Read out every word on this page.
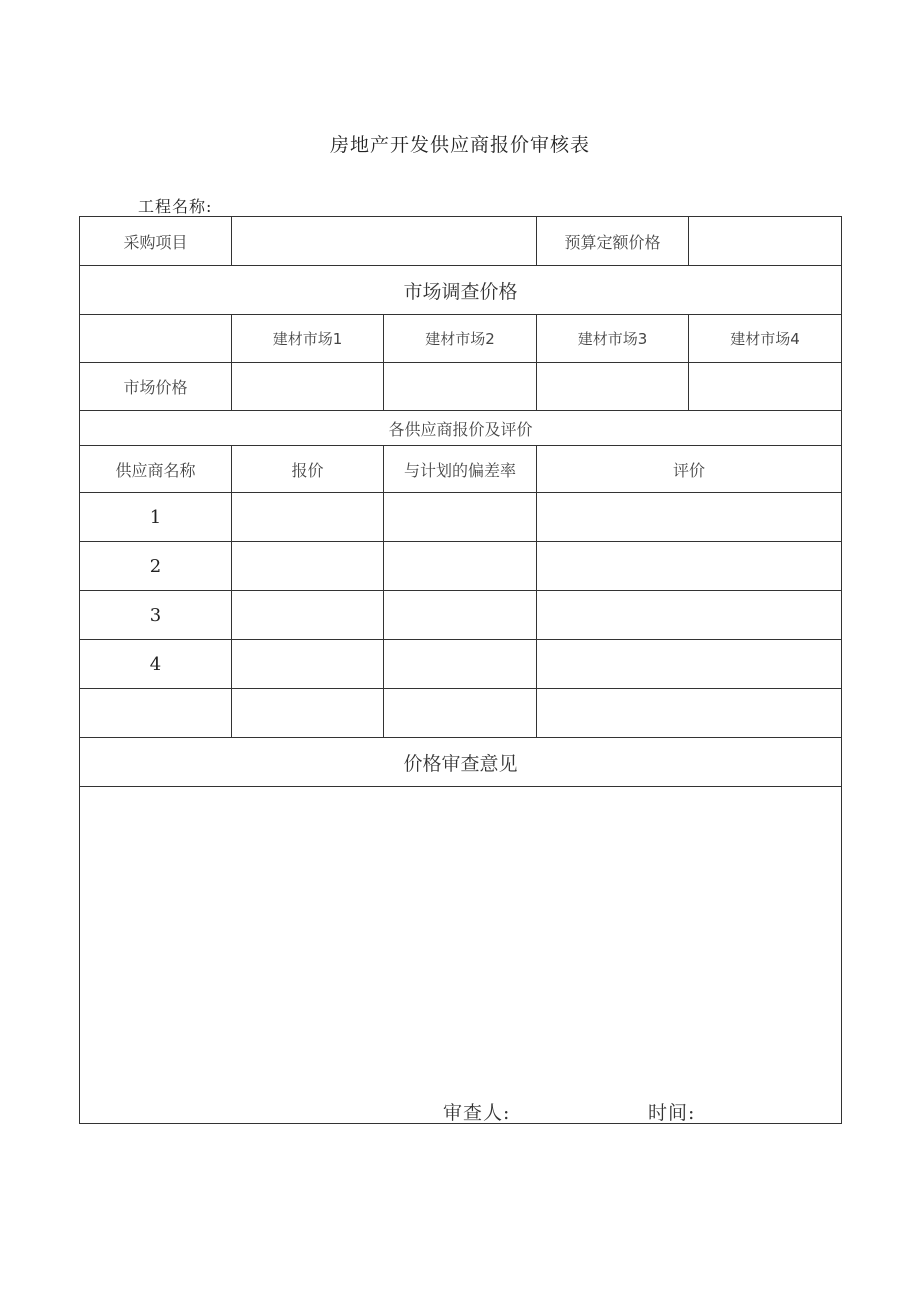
房地产开发供应商报价审核表
工程名称:
采购项目			预算定额价格	
市场调查价格				
	建材市场1	建材市场2	建材市场3	建材市场4
市场价格				
各供应商报价及评价				
供应商名称	报价	与计划的偏差率	评价	
1				
2				
3				
4				

价格审查意见				

审查人:	时间:
